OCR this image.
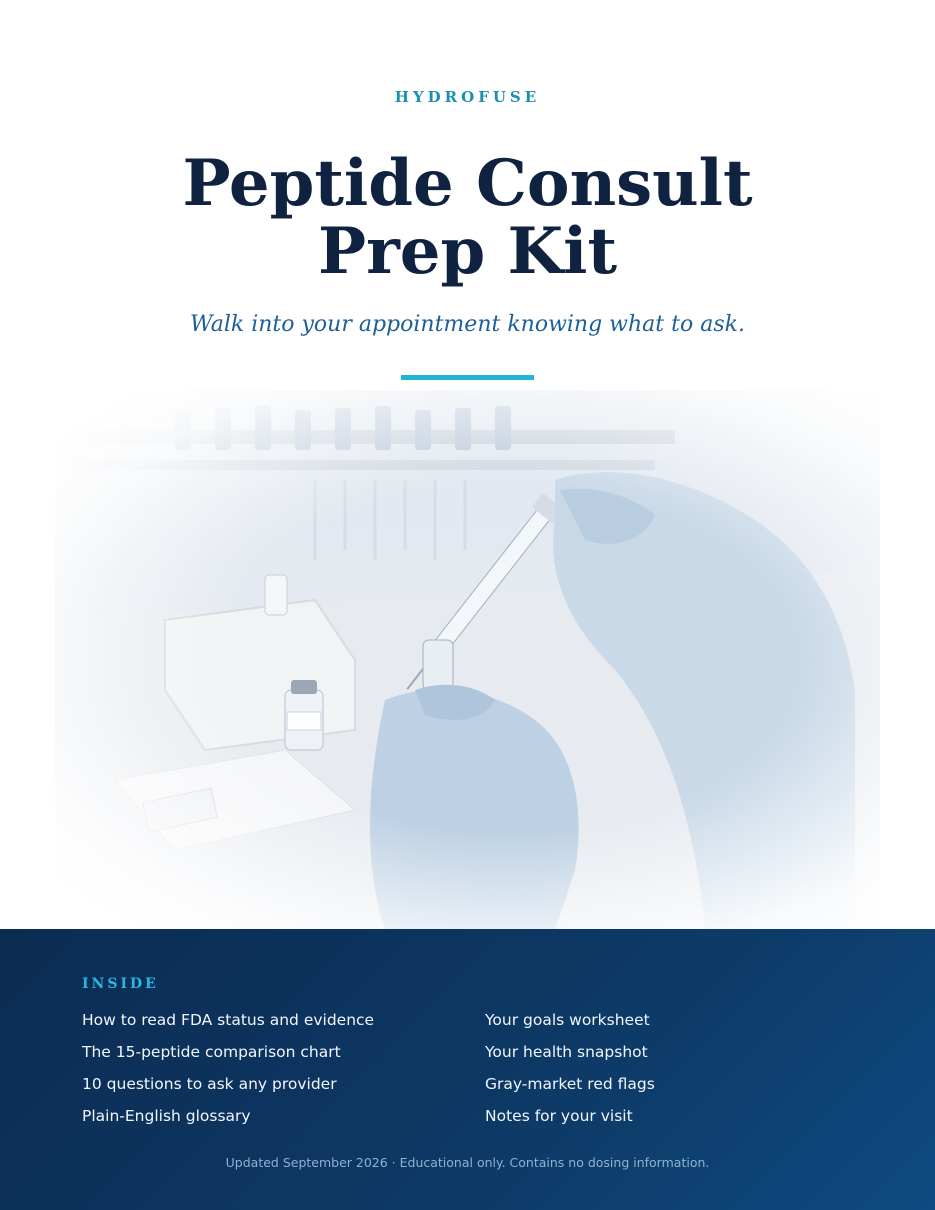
HYDROFUSE
Peptide Consult
Prep Kit
Walk into your appointment knowing what to ask.
INSIDE
How to read FDA status and evidence
The 15-peptide comparison chart
10 questions to ask any provider
Plain-English glossary
Your goals worksheet
Your health snapshot
Gray-market red flags
Notes for your visit
Updated September 2026 · Educational only. Contains no dosing information.
